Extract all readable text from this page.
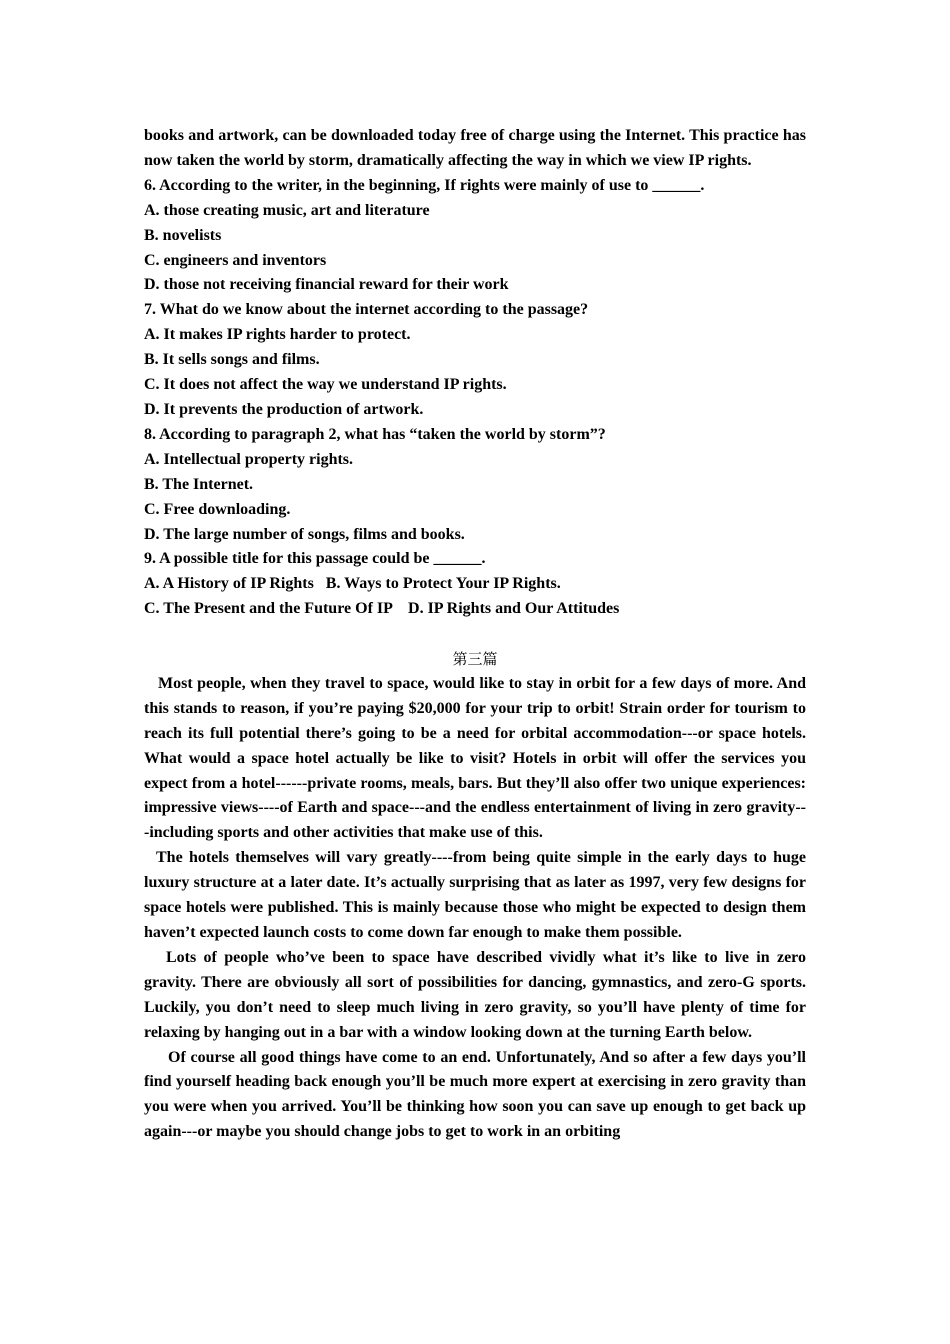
books and artwork, can be downloaded today free of charge using the Internet. This practice has now taken the world by storm, dramatically affecting the way in which we view IP rights.

6. According to the writer, in the beginning, If rights were mainly of use to ______.

A. those creating music, art and literature

B. novelists

C. engineers and inventors

D. those not receiving financial reward for their work

7. What do we know about the internet according to the passage?

A. It makes IP rights harder to protect.

B. It sells songs and films.

C. It does not affect the way we understand IP rights.

D. It prevents the production of artwork.

8. According to paragraph 2, what has “taken the world by storm”?

A. Intellectual property rights.

B. The Internet.

C. Free downloading.

D. The large number of songs, films and books.

9. A possible title for this passage could be ______.

A. A History of IP Rights   B. Ways to Protect Your IP Rights.

C. The Present and the Future Of IP    D. IP Rights and Our Attitudes

第三篇

Most people, when they travel to space, would like to stay in orbit for a few days of more. And this stands to reason, if you’re paying $20,000 for your trip to orbit! Strain order for tourism to reach its full potential there’s going to be a need for orbital accommodation---or space hotels. What would a space hotel actually be like to visit? Hotels in orbit will offer the services you expect from a hotel------private rooms, meals, bars. But they’ll also offer two unique experiences: impressive views----of Earth and space---and the endless entertainment of living in zero gravity---including sports and other activities that make use of this.

The hotels themselves will vary greatly----from being quite simple in the early days to huge luxury structure at a later date. It’s actually surprising that as later as 1997, very few designs for space hotels were published. This is mainly because those who might be expected to design them haven’t expected launch costs to come down far enough to make them possible.

Lots of people who’ve been to space have described vividly what it’s like to live in zero gravity. There are obviously all sort of possibilities for dancing, gymnastics, and zero-G sports. Luckily, you don’t need to sleep much living in zero gravity, so you’ll have plenty of time for relaxing by hanging out in a bar with a window looking down at the turning Earth below.

Of course all good things have come to an end. Unfortunately, And so after a few days you’ll find yourself heading back enough you’ll be much more expert at exercising in zero gravity than you were when you arrived. You’ll be thinking how soon you can save up enough to get back up again---or maybe you should change jobs to get to work in an orbiting
